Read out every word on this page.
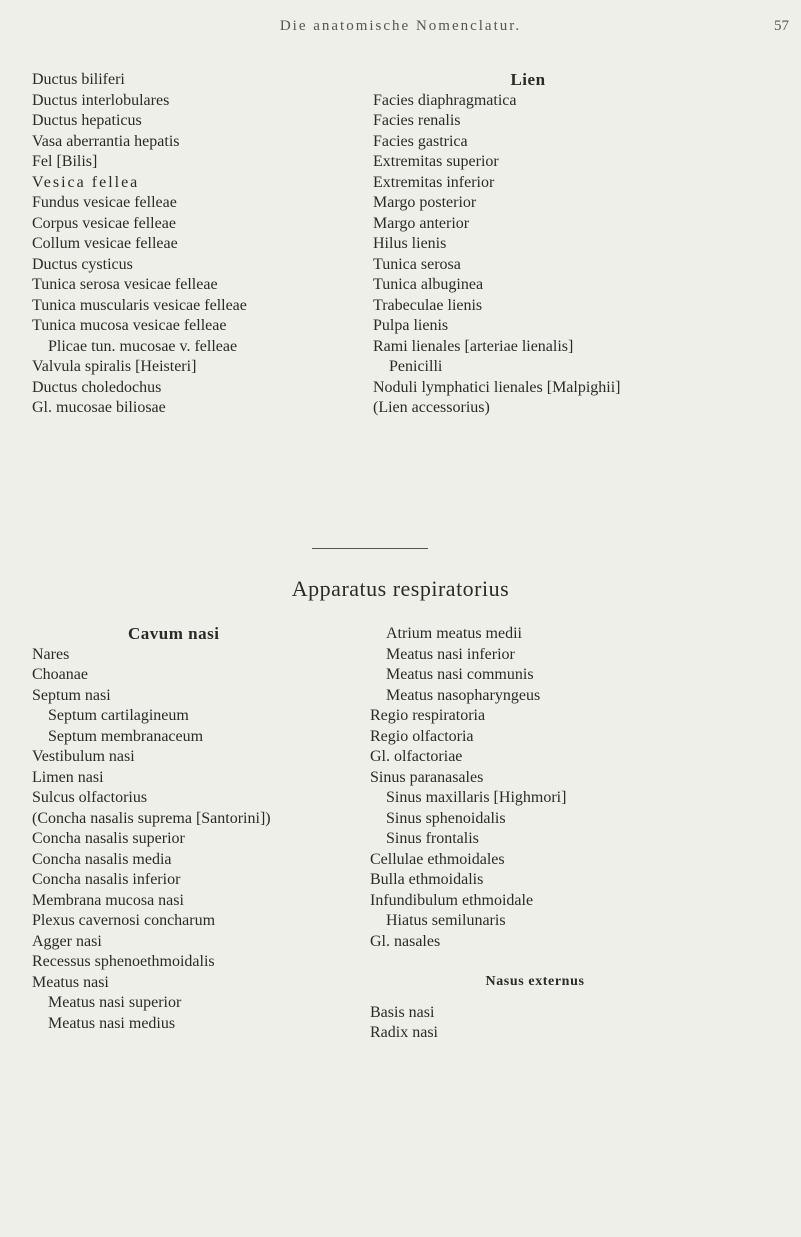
Die anatomische Nomenclatur.	57
Ductus biliferi
Ductus interlobulares
Ductus hepaticus
Vasa aberrantia hepatis
Fel [Bilis]
Vesica fellea
Fundus vesicae felleae
Corpus vesicae felleae
Collum vesicae felleae
Ductus cysticus
Tunica serosa vesicae felleae
Tunica muscularis vesicae felleae
Tunica mucosa vesicae felleae
Plicae tun. mucosae v. felleae
Valvula spiralis [Heisteri]
Ductus choledochus
Gl. mucosae biliosae
Lien
Facies diaphragmatica
Facies renalis
Facies gastrica
Extremitas superior
Extremitas inferior
Margo posterior
Margo anterior
Hilus lienis
Tunica serosa
Tunica albuginea
Trabeculae lienis
Pulpa lienis
Rami lienales [arteriae lienalis]
Penicilli
Noduli lymphatici lienales [Malpighii]
(Lien accessorius)
Apparatus respiratorius
Cavum nasi
Nares
Choanae
Septum nasi
Septum cartilagineum
Septum membranaceum
Vestibulum nasi
Limen nasi
Sulcus olfactorius
(Concha nasalis suprema [Santorini])
Concha nasalis superior
Concha nasalis media
Concha nasalis inferior
Membrana mucosa nasi
Plexus cavernosi concharum
Agger nasi
Recessus sphenoethmoidalis
Meatus nasi
Meatus nasi superior
Meatus nasi medius
Atrium meatus medii
Meatus nasi inferior
Meatus nasi communis
Meatus nasopharyngeus
Regio respiratoria
Regio olfactoria
Gl. olfactoriae
Sinus paranasales
Sinus maxillaris [Highmori]
Sinus sphenoidalis
Sinus frontalis
Cellulae ethmoidales
Bulla ethmoidalis
Infundibulum ethmoidale
Hiatus semilunaris
Gl. nasales
Nasus externus
Basis nasi
Radix nasi
